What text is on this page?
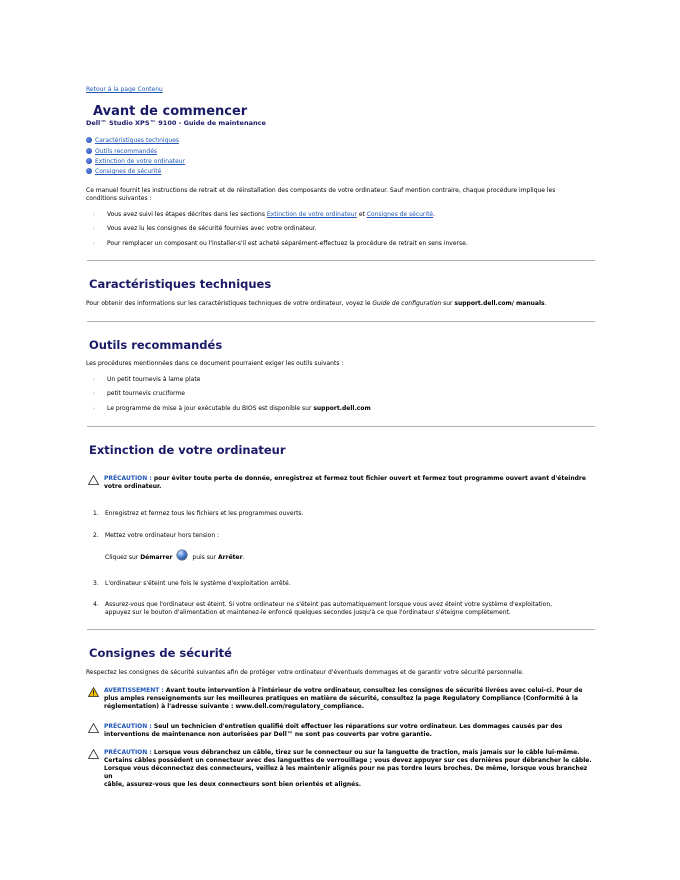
Retour à la page Contenu
Avant de commencer
Dell™ Studio XPS™ 9100 - Guide de maintenance
Caractéristiques techniques
Outils recommandés
Extinction de votre ordinateur
Consignes de sécurité
Ce manuel fournit les instructions de retrait et de réinstallation des composants de votre ordinateur. Sauf mention contraire, chaque procédure implique les
conditions suivantes :
› Vous avez suivi les étapes décrites dans les sections Extinction de votre ordinateur et Consignes de sécurité.
› Vous avez lu les consignes de sécurité fournies avec votre ordinateur.
› Pour remplacer un composant ou l'installer-s'il est acheté séparément-effectuez la procédure de retrait en sens inverse.
Caractéristiques techniques
Pour obtenir des informations sur les caractéristiques techniques de votre ordinateur, voyez le Guide de configuration sur support.dell.com/ manuals.
Outils recommandés
Les procédures mentionnées dans ce document pourraient exiger les outils suivants :
› Un petit tournevis à lame plate
› petit tournevis cruciforme
› Le programme de mise à jour exécutable du BIOS est disponible sur support.dell.com
Extinction de votre ordinateur
PRÉCAUTION : pour éviter toute perte de donnée, enregistrez et fermez tout fichier ouvert et fermez tout programme ouvert avant d'éteindre
votre ordinateur.
1. Enregistrez et fermez tous les fichiers et les programmes ouverts.
2. Mettez votre ordinateur hors tension :
Cliquez sur Démarrer	puis sur Arrêter.
3. L'ordinateur s'éteint une fois le système d'exploitation arrêté.
4. Assurez-vous que l'ordinateur est éteint. Si votre ordinateur ne s'éteint pas automatiquement lorsque vous avez éteint votre système d'exploitation,
appuyez sur le bouton d'alimentation et maintenez-le enfoncé quelques secondes jusqu'à ce que l'ordinateur s'éteigne complètement.
Consignes de sécurité
Respectez les consignes de sécurité suivantes afin de protéger votre ordinateur d'éventuels dommages et de garantir votre sécurité personnelle.
AVERTISSEMENT : Avant toute intervention à l'intérieur de votre ordinateur, consultez les consignes de sécurité livrées avec celui-ci. Pour de
plus amples renseignements sur les meilleures pratiques en matière de sécurité, consultez la page Regulatory Compliance (Conformité à la
réglementation) à l'adresse suivante : www.dell.com/regulatory_compliance.
PRÉCAUTION : Seul un technicien d'entretien qualifié doit effectuer les réparations sur votre ordinateur. Les dommages causés par des
interventions de maintenance non autorisées par Dell™ ne sont pas couverts par votre garantie.
PRÉCAUTION : Lorsque vous débranchez un câble, tirez sur le connecteur ou sur la languette de traction, mais jamais sur le câble lui-même.
Certains câbles possèdent un connecteur avec des languettes de verrouillage ; vous devez appuyer sur ces dernières pour débrancher le câble.
Lorsque vous déconnectez des connecteurs, veillez à les maintenir alignés pour ne pas tordre leurs broches. De même, lorsque vous branchez un
câble, assurez-vous que les deux connecteurs sont bien orientés et alignés.
